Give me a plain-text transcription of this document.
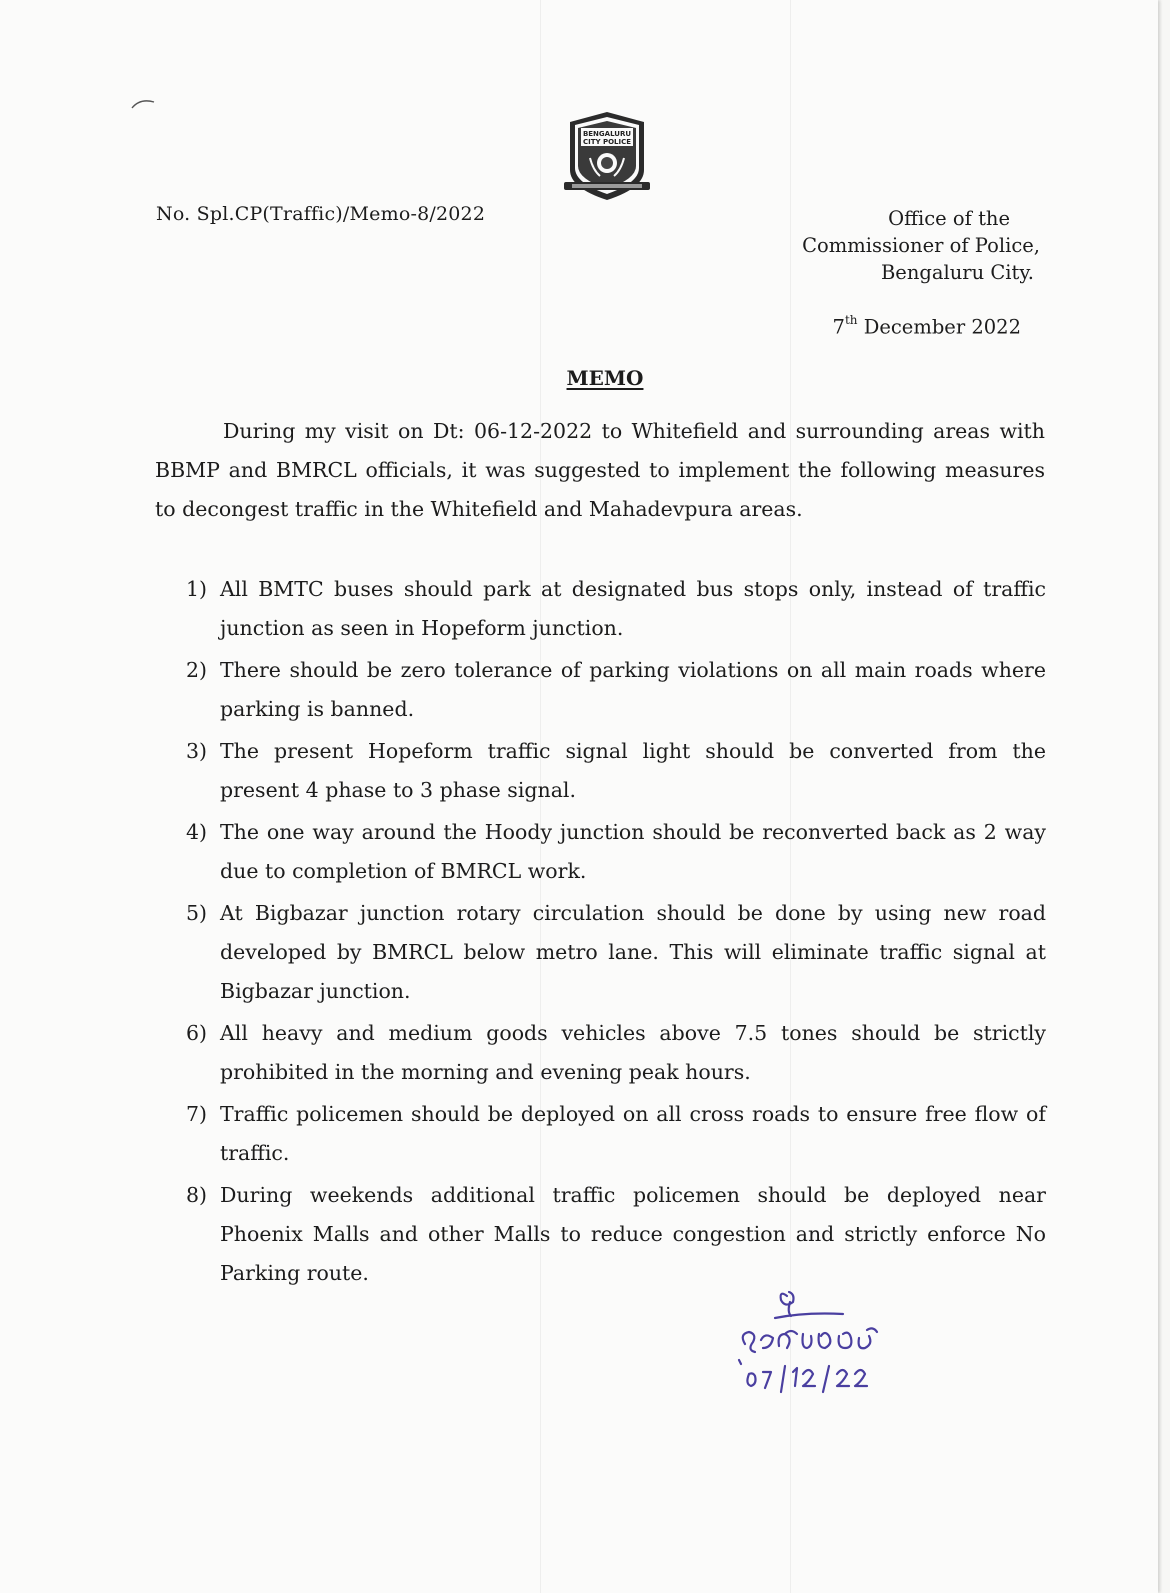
BENGALURU
CITY POLICE
No. Spl.CP(Traffic)/Memo-8/2022	Office of the
Commissioner of Police,
Bengaluru City.
7th December 2022
MEMO

During my visit on Dt: 06-12-2022 to Whitefield and surrounding areas with BBMP and BMRCL officials, it was suggested to implement the following measures to decongest traffic in the Whitefield and Mahadevpura areas.

1) All BMTC buses should park at designated bus stops only, instead of traffic junction as seen in Hopeform junction.
2) There should be zero tolerance of parking violations on all main roads where parking is banned.
3) The present Hopeform traffic signal light should be converted from the present 4 phase to 3 phase signal.
4) The one way around the Hoody junction should be reconverted back as 2 way due to completion of BMRCL work.
5) At Bigbazar junction rotary circulation should be done by using new road developed by BMRCL below metro lane. This will eliminate traffic signal at Bigbazar junction.
6) All heavy and medium goods vehicles above 7.5 tones should be strictly prohibited in the morning and evening peak hours.
7) Traffic policemen should be deployed on all cross roads to ensure free flow of traffic.
8) During weekends additional traffic policemen should be deployed near Phoenix Malls and other Malls to reduce congestion and strictly enforce No Parking route.
